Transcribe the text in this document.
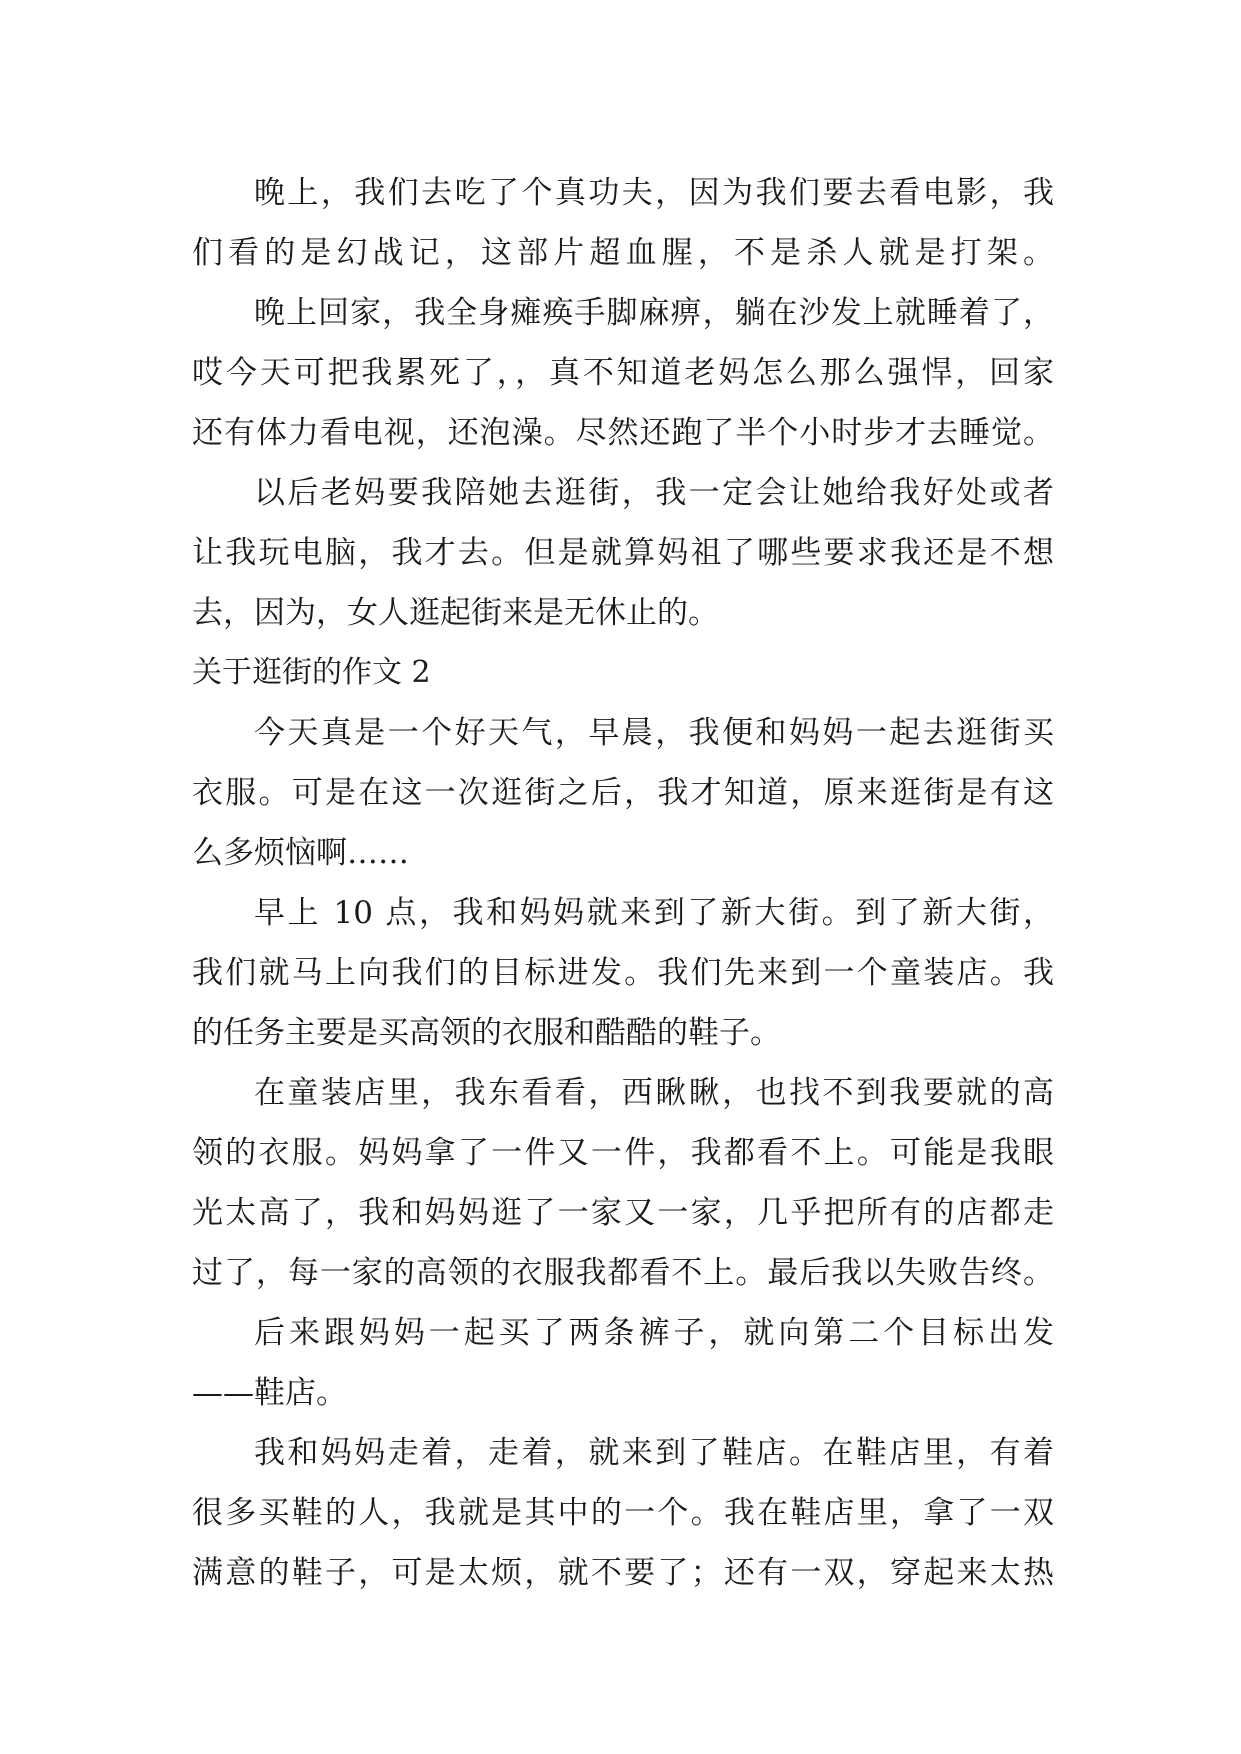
晚上，我们去吃了个真功夫，因为我们要去看电影，我
们看的是幻战记，这部片超血腥，不是杀人就是打架。
晚上回家，我全身瘫痪手脚麻痹，躺在沙发上就睡着了，
哎今天可把我累死了，，真不知道老妈怎么那么强悍，回家
还有体力看电视，还泡澡。尽然还跑了半个小时步才去睡觉。
以后老妈要我陪她去逛街，我一定会让她给我好处或者
让我玩电脑，我才去。但是就算妈祖了哪些要求我还是不想
去，因为，女人逛起街来是无休止的。
关于逛街的作文 2
今天真是一个好天气，早晨，我便和妈妈一起去逛街买
衣服。可是在这一次逛街之后，我才知道，原来逛街是有这
么多烦恼啊……
早上 10 点，我和妈妈就来到了新大街。到了新大街，
我们就马上向我们的目标进发。我们先来到一个童装店。我
的任务主要是买高领的衣服和酷酷的鞋子。
在童装店里，我东看看，西瞅瞅，也找不到我要就的高
领的衣服。妈妈拿了一件又一件，我都看不上。可能是我眼
光太高了，我和妈妈逛了一家又一家，几乎把所有的店都走
过了，每一家的高领的衣服我都看不上。最后我以失败告终。
后来跟妈妈一起买了两条裤子，就向第二个目标出发
——鞋店。
我和妈妈走着，走着，就来到了鞋店。在鞋店里，有着
很多买鞋的人，我就是其中的一个。我在鞋店里，拿了一双
满意的鞋子，可是太烦，就不要了；还有一双，穿起来太热
